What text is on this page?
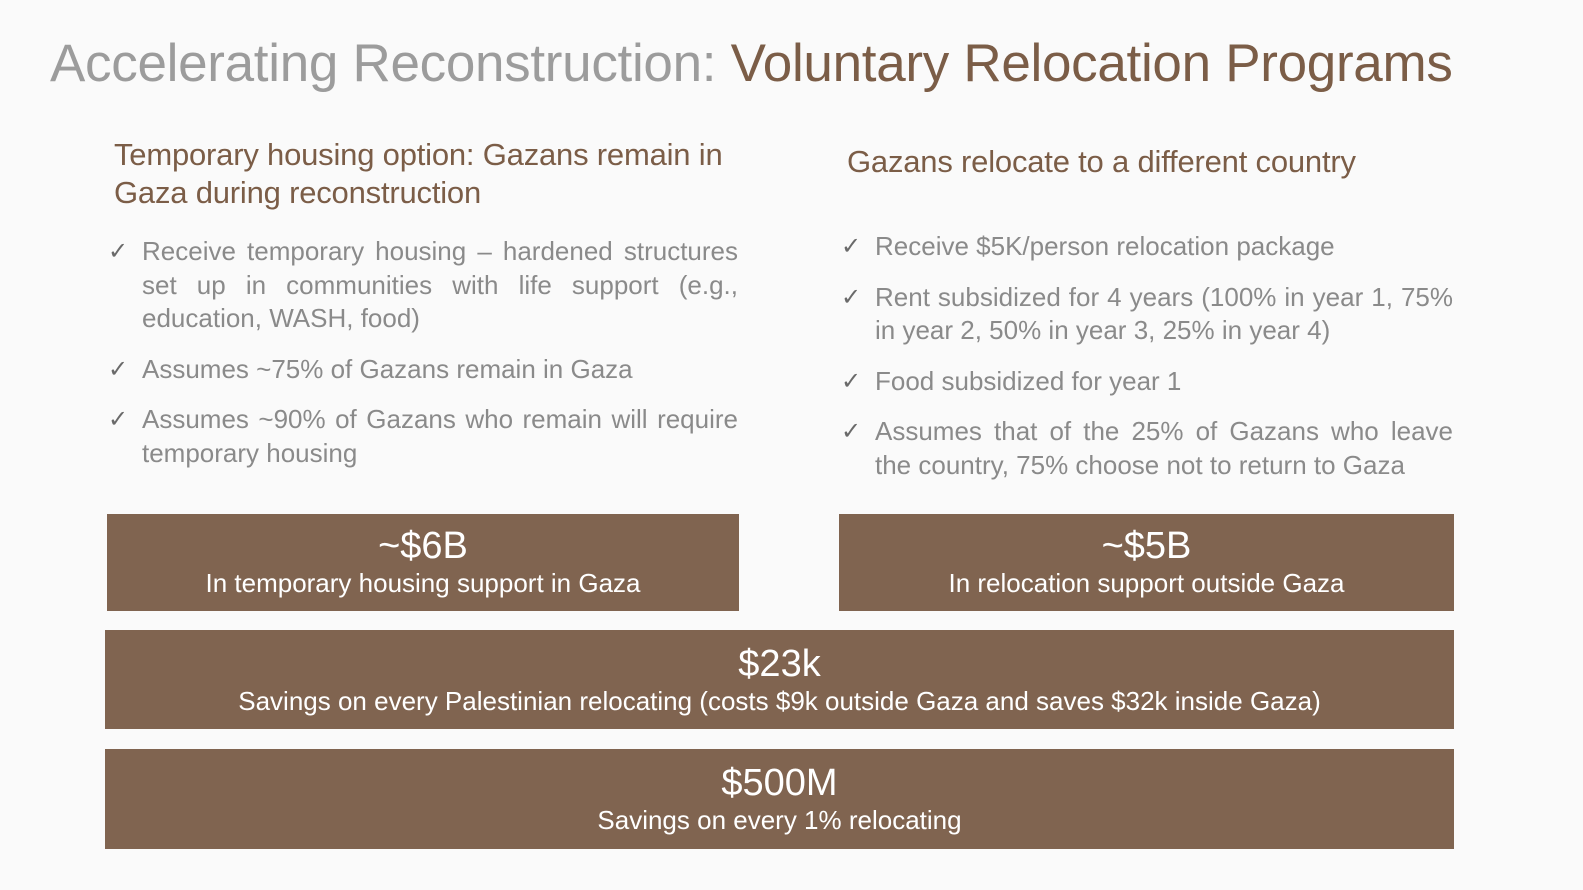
Accelerating Reconstruction: Voluntary Relocation Programs
Temporary housing option: Gazans remain in Gaza during reconstruction
✓ Receive temporary housing – hardened structures set up in communities with life support (e.g., education, WASH, food)
✓ Assumes ~75% of Gazans remain in Gaza
✓ Assumes ~90% of Gazans who remain will require temporary housing
Gazans relocate to a different country
✓ Receive $5K/person relocation package
✓ Rent subsidized for 4 years (100% in year 1, 75% in year 2, 50% in year 3, 25% in year 4)
✓ Food subsidized for year 1
✓ Assumes that of the 25% of Gazans who leave the country, 75% choose not to return to Gaza
~$6B
In temporary housing support in Gaza
~$5B
In relocation support outside Gaza
$23k
Savings on every Palestinian relocating (costs $9k outside Gaza and saves $32k inside Gaza)
$500M
Savings on every 1% relocating
